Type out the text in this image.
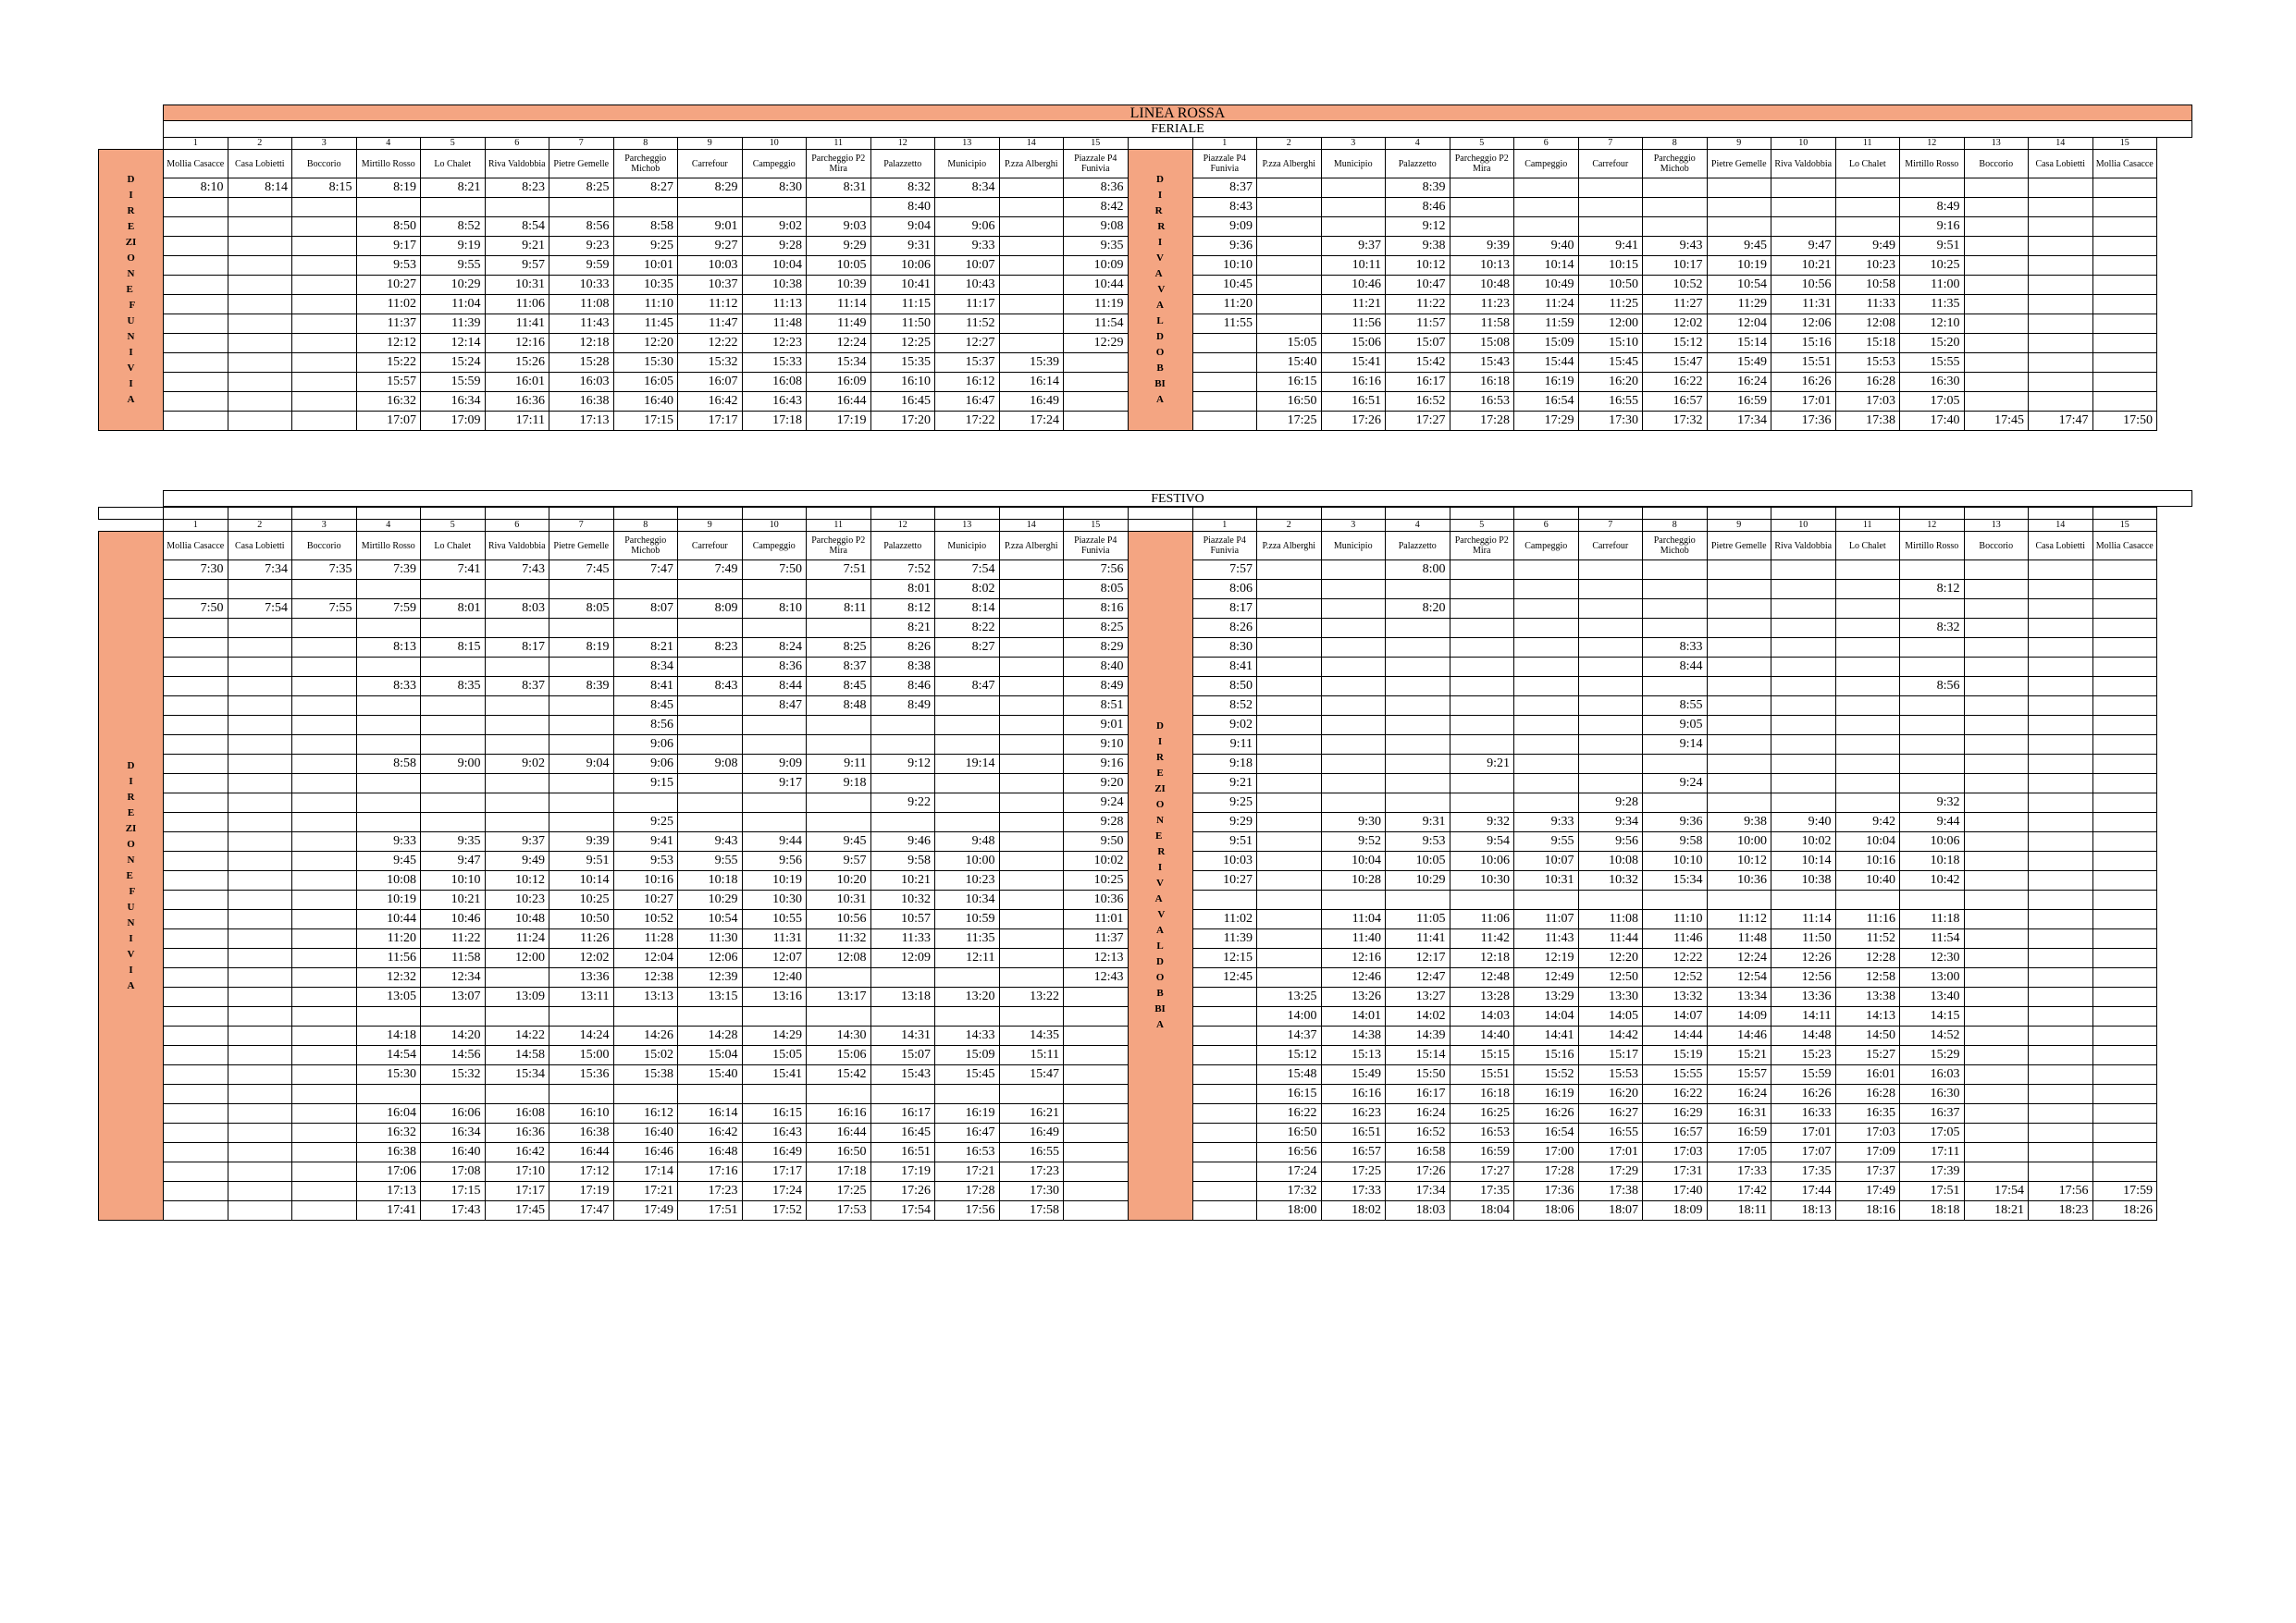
LINEA ROSSA
FERIALE
	1	2	3	4	5	6	7	8	9	10	11	12	13	14	15		1	2	3	4	5	6	7	8	9	10	11	12	13	14	15
DIREZIONE  FUNIVIA	Mollia Casacce	Casa Lobietti	Boccorio	Mirtillo Rosso	Lo Chalet	Riva Valdobbia	Pietre Gemelle	Parcheggio Michob	Carrefour	Campeggio	Parcheggio P2 Mira	Palazzetto	Municipio	P.zza Alberghi	Piazzale P4 Funivia	DIR  RIVA  VALDOBBIA	Piazzale P4 Funivia	P.zza Alberghi	Municipio	Palazzetto	Parcheggio P2 Mira	Campeggio	Carrefour	Parcheggio Michob	Pietre Gemelle	Riva Valdobbia	Lo Chalet	Mirtillo Rosso	Boccorio	Casa Lobietti	Mollia Casacce
	8:10	8:14	8:15	8:19	8:21	8:23	8:25	8:27	8:29	8:30	8:31	8:32	8:34		8:36		8:37			8:39											
												8:40			8:42		8:43			8:46								8:49			
				8:50	8:52	8:54	8:56	8:58	9:01	9:02	9:03	9:04	9:06		9:08		9:09			9:12								9:16			
				9:17	9:19	9:21	9:23	9:25	9:27	9:28	9:29	9:31	9:33		9:35		9:36		9:37	9:38	9:39	9:40	9:41	9:43	9:45	9:47	9:49	9:51			
				9:53	9:55	9:57	9:59	10:01	10:03	10:04	10:05	10:06	10:07		10:09		10:10		10:11	10:12	10:13	10:14	10:15	10:17	10:19	10:21	10:23	10:25			
				10:27	10:29	10:31	10:33	10:35	10:37	10:38	10:39	10:41	10:43		10:44		10:45		10:46	10:47	10:48	10:49	10:50	10:52	10:54	10:56	10:58	11:00			
				11:02	11:04	11:06	11:08	11:10	11:12	11:13	11:14	11:15	11:17		11:19		11:20		11:21	11:22	11:23	11:24	11:25	11:27	11:29	11:31	11:33	11:35			
				11:37	11:39	11:41	11:43	11:45	11:47	11:48	11:49	11:50	11:52		11:54		11:55		11:56	11:57	11:58	11:59	12:00	12:02	12:04	12:06	12:08	12:10			
				12:12	12:14	12:16	12:18	12:20	12:22	12:23	12:24	12:25	12:27		12:29			15:05	15:06	15:07	15:08	15:09	15:10	15:12	15:14	15:16	15:18	15:20			
				15:22	15:24	15:26	15:28	15:30	15:32	15:33	15:34	15:35	15:37	15:39				15:40	15:41	15:42	15:43	15:44	15:45	15:47	15:49	15:51	15:53	15:55			
				15:57	15:59	16:01	16:03	16:05	16:07	16:08	16:09	16:10	16:12	16:14				16:15	16:16	16:17	16:18	16:19	16:20	16:22	16:24	16:26	16:28	16:30			
				16:32	16:34	16:36	16:38	16:40	16:42	16:43	16:44	16:45	16:47	16:49				16:50	16:51	16:52	16:53	16:54	16:55	16:57	16:59	17:01	17:03	17:05			
				17:07	17:09	17:11	17:13	17:15	17:17	17:18	17:19	17:20	17:22	17:24				17:25	17:26	17:27	17:28	17:29	17:30	17:32	17:34	17:36	17:38	17:40	17:45	17:47	17:50
FESTIVO

	1	2	3	4	5	6	7	8	9	10	11	12	13	14	15		1	2	3	4	5	6	7	8	9	10	11	12	13	14	15
DIREZIONE  FUNIVIA	Mollia Casacce	Casa Lobietti	Boccorio	Mirtillo Rosso	Lo Chalet	Riva Valdobbia	Pietre Gemelle	Parcheggio Michob	Carrefour	Campeggio	Parcheggio P2 Mira	Palazzetto	Municipio	P.zza Alberghi	Piazzale P4 Funivia	DIREZIONE  RIVA  VALDOBBIA	Piazzale P4 Funivia	P.zza Alberghi	Municipio	Palazzetto	Parcheggio P2 Mira	Campeggio	Carrefour	Parcheggio Michob	Pietre Gemelle	Riva Valdobbia	Lo Chalet	Mirtillo Rosso	Boccorio	Casa Lobietti	Mollia Casacce
	7:30	7:34	7:35	7:39	7:41	7:43	7:45	7:47	7:49	7:50	7:51	7:52	7:54		7:56		7:57			8:00											
												8:01	8:02		8:05		8:06											8:12			
	7:50	7:54	7:55	7:59	8:01	8:03	8:05	8:07	8:09	8:10	8:11	8:12	8:14		8:16		8:17			8:20											
												8:21	8:22		8:25		8:26											8:32			
				8:13	8:15	8:17	8:19	8:21	8:23	8:24	8:25	8:26	8:27		8:29		8:30							8:33							
								8:34		8:36	8:37	8:38			8:40		8:41							8:44							
				8:33	8:35	8:37	8:39	8:41	8:43	8:44	8:45	8:46	8:47		8:49		8:50											8:56			
								8:45		8:47	8:48	8:49			8:51		8:52							8:55							
								8:56							9:01		9:02							9:05							
								9:06							9:10		9:11							9:14							
				8:58	9:00	9:02	9:04	9:06	9:08	9:09	9:11	9:12	19:14		9:16		9:18				9:21										
								9:15		9:17	9:18				9:20		9:21							9:24							
												9:22			9:24		9:25						9:28					9:32			
								9:25							9:28		9:29		9:30	9:31	9:32	9:33	9:34	9:36	9:38	9:40	9:42	9:44			
				9:33	9:35	9:37	9:39	9:41	9:43	9:44	9:45	9:46	9:48		9:50		9:51		9:52	9:53	9:54	9:55	9:56	9:58	10:00	10:02	10:04	10:06			
				9:45	9:47	9:49	9:51	9:53	9:55	9:56	9:57	9:58	10:00		10:02		10:03		10:04	10:05	10:06	10:07	10:08	10:10	10:12	10:14	10:16	10:18			
				10:08	10:10	10:12	10:14	10:16	10:18	10:19	10:20	10:21	10:23		10:25		10:27		10:28	10:29	10:30	10:31	10:32	15:34	10:36	10:38	10:40	10:42			
				10:19	10:21	10:23	10:25	10:27	10:29	10:30	10:31	10:32	10:34		10:36																
				10:44	10:46	10:48	10:50	10:52	10:54	10:55	10:56	10:57	10:59		11:01		11:02		11:04	11:05	11:06	11:07	11:08	11:10	11:12	11:14	11:16	11:18			
				11:20	11:22	11:24	11:26	11:28	11:30	11:31	11:32	11:33	11:35		11:37		11:39		11:40	11:41	11:42	11:43	11:44	11:46	11:48	11:50	11:52	11:54			
				11:56	11:58	12:00	12:02	12:04	12:06	12:07	12:08	12:09	12:11		12:13		12:15		12:16	12:17	12:18	12:19	12:20	12:22	12:24	12:26	12:28	12:30			
				12:32	12:34		13:36	12:38	12:39	12:40					12:43		12:45		12:46	12:47	12:48	12:49	12:50	12:52	12:54	12:56	12:58	13:00			
				13:05	13:07	13:09	13:11	13:13	13:15	13:16	13:17	13:18	13:20	13:22				13:25	13:26	13:27	13:28	13:29	13:30	13:32	13:34	13:36	13:38	13:40			
																		14:00	14:01	14:02	14:03	14:04	14:05	14:07	14:09	14:11	14:13	14:15			
				14:18	14:20	14:22	14:24	14:26	14:28	14:29	14:30	14:31	14:33	14:35				14:37	14:38	14:39	14:40	14:41	14:42	14:44	14:46	14:48	14:50	14:52			
				14:54	14:56	14:58	15:00	15:02	15:04	15:05	15:06	15:07	15:09	15:11				15:12	15:13	15:14	15:15	15:16	15:17	15:19	15:21	15:23	15:27	15:29			
				15:30	15:32	15:34	15:36	15:38	15:40	15:41	15:42	15:43	15:45	15:47				15:48	15:49	15:50	15:51	15:52	15:53	15:55	15:57	15:59	16:01	16:03			
																		16:15	16:16	16:17	16:18	16:19	16:20	16:22	16:24	16:26	16:28	16:30			
				16:04	16:06	16:08	16:10	16:12	16:14	16:15	16:16	16:17	16:19	16:21				16:22	16:23	16:24	16:25	16:26	16:27	16:29	16:31	16:33	16:35	16:37			
				16:32	16:34	16:36	16:38	16:40	16:42	16:43	16:44	16:45	16:47	16:49				16:50	16:51	16:52	16:53	16:54	16:55	16:57	16:59	17:01	17:03	17:05			
				16:38	16:40	16:42	16:44	16:46	16:48	16:49	16:50	16:51	16:53	16:55				16:56	16:57	16:58	16:59	17:00	17:01	17:03	17:05	17:07	17:09	17:11			
				17:06	17:08	17:10	17:12	17:14	17:16	17:17	17:18	17:19	17:21	17:23				17:24	17:25	17:26	17:27	17:28	17:29	17:31	17:33	17:35	17:37	17:39			
				17:13	17:15	17:17	17:19	17:21	17:23	17:24	17:25	17:26	17:28	17:30				17:32	17:33	17:34	17:35	17:36	17:38	17:40	17:42	17:44	17:49	17:51	17:54	17:56	17:59
				17:41	17:43	17:45	17:47	17:49	17:51	17:52	17:53	17:54	17:56	17:58				18:00	18:02	18:03	18:04	18:06	18:07	18:09	18:11	18:13	18:16	18:18	18:21	18:23	18:26
